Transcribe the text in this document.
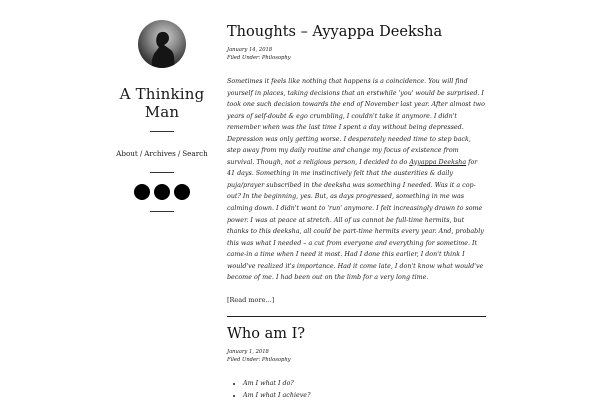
A Thinking Man
About / Archives / Search
Thoughts – Ayyappa Deeksha
January 14, 2018
Filed Under: Philosophy
Sometimes it feels like nothing that happens is a coincidence. You will find yourself in places, taking decisions that an erstwhile 'you' would be surprised. I took one such decision towards the end of November last year. After almost two years of self-doubt & ego crumbling, I couldn't take it anymore. I didn't remember when was the last time I spent a day without being depressed. Depression was only getting worse. I desperately needed time to step back, step away from my daily routine and change my focus of existence from survival. Though, not a religious person, I decided to do Ayyappa Deeksha for 41 days. Something in me instinctively felt that the austerities & daily puja/prayer subscribed in the deeksha was something I needed. Was it a cop-out? In the beginning, yes. But, as days progressed, something in me was calming down. I didn't want to 'run' anymore. I felt increasingly drawn to some power. I was at peace at stretch. All of us cannot be full-time hermits, but thanks to this deeksha, all could be part-time hermits every year. And, probably this was what I needed – a cut from everyone and everything for sometime. It came-in a time when I need it most. Had I done this earlier, I don't think I would've realized it's importance. Had it come late, I don't know what would've become of me. I had been out on the limb for a very long time.
[Read more...]
Who am I?
January 1, 2018
Filed Under: Philosophy
• Am I what I do?
• Am I what I achieve?
